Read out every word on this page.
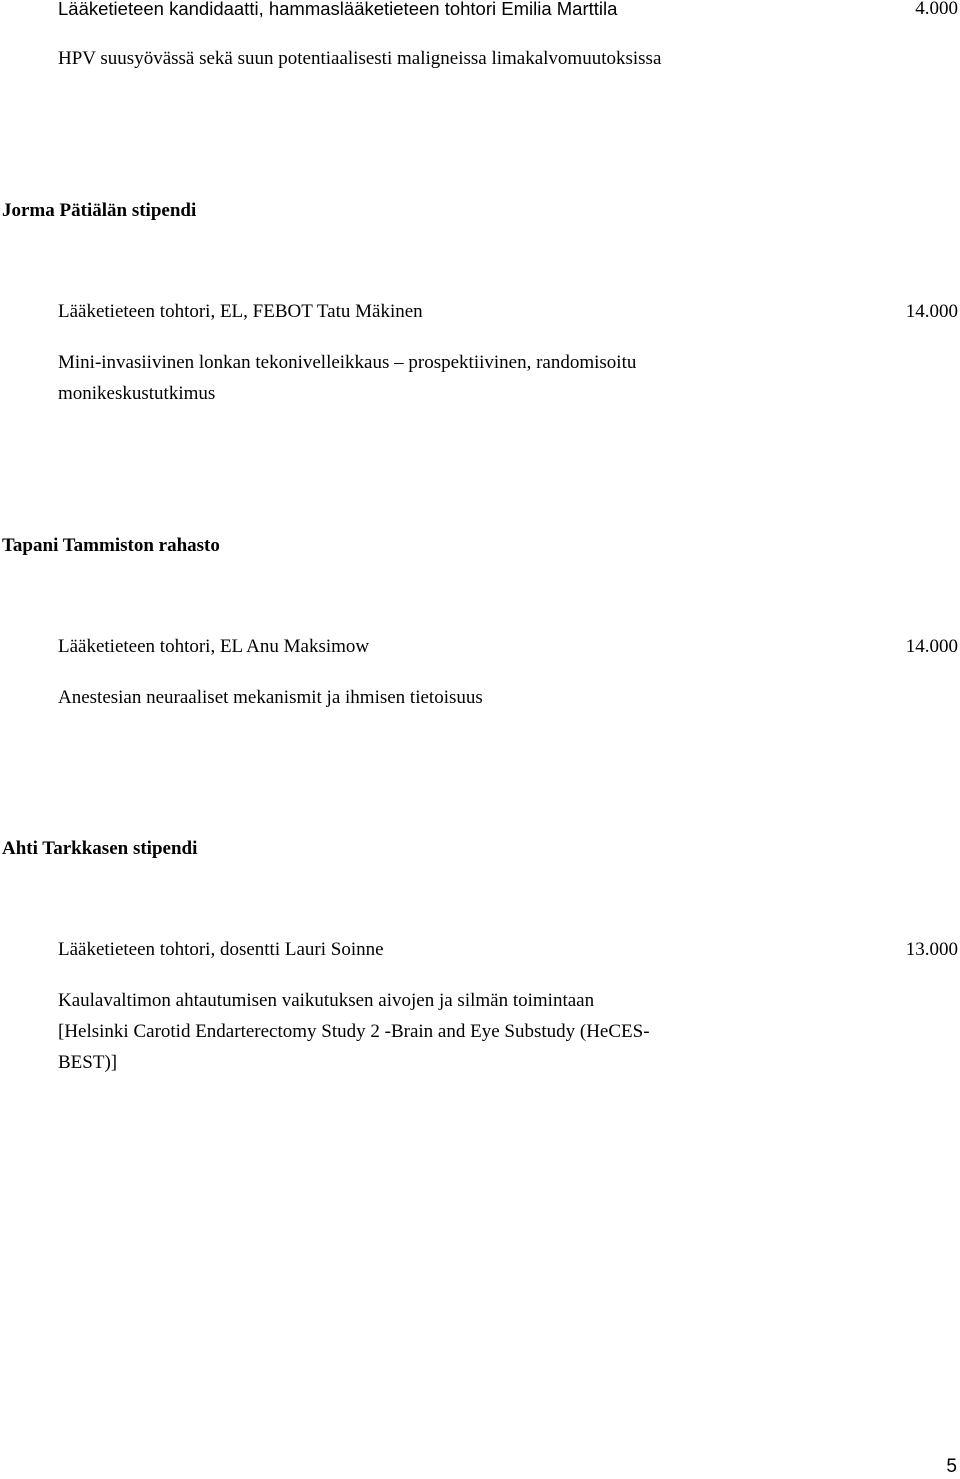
Lääketieteen kandidaatti, hammaslääketieteen tohtori Emilia Marttila	4.000
HPV suusyövässä sekä suun potentiaalisesti maligneissa limakalvomuutoksissa
Jorma Pätiälän stipendi
Lääketieteen tohtori, EL, FEBOT Tatu Mäkinen	14.000
Mini-invasiivinen lonkan tekonivelleikkaus – prospektiivinen, randomisoitu
monikeskustutkimus
Tapani Tammiston rahasto
Lääketieteen tohtori, EL Anu Maksimow	14.000
Anestesian neuraaliset mekanismit ja ihmisen tietoisuus
Ahti Tarkkasen stipendi
Lääketieteen tohtori, dosentti Lauri Soinne	13.000
Kaulavaltimon ahtautumisen vaikutuksen aivojen ja silmän toimintaan
[Helsinki Carotid Endarterectomy Study 2 -Brain and Eye Substudy (HeCES-
BEST)]
5
